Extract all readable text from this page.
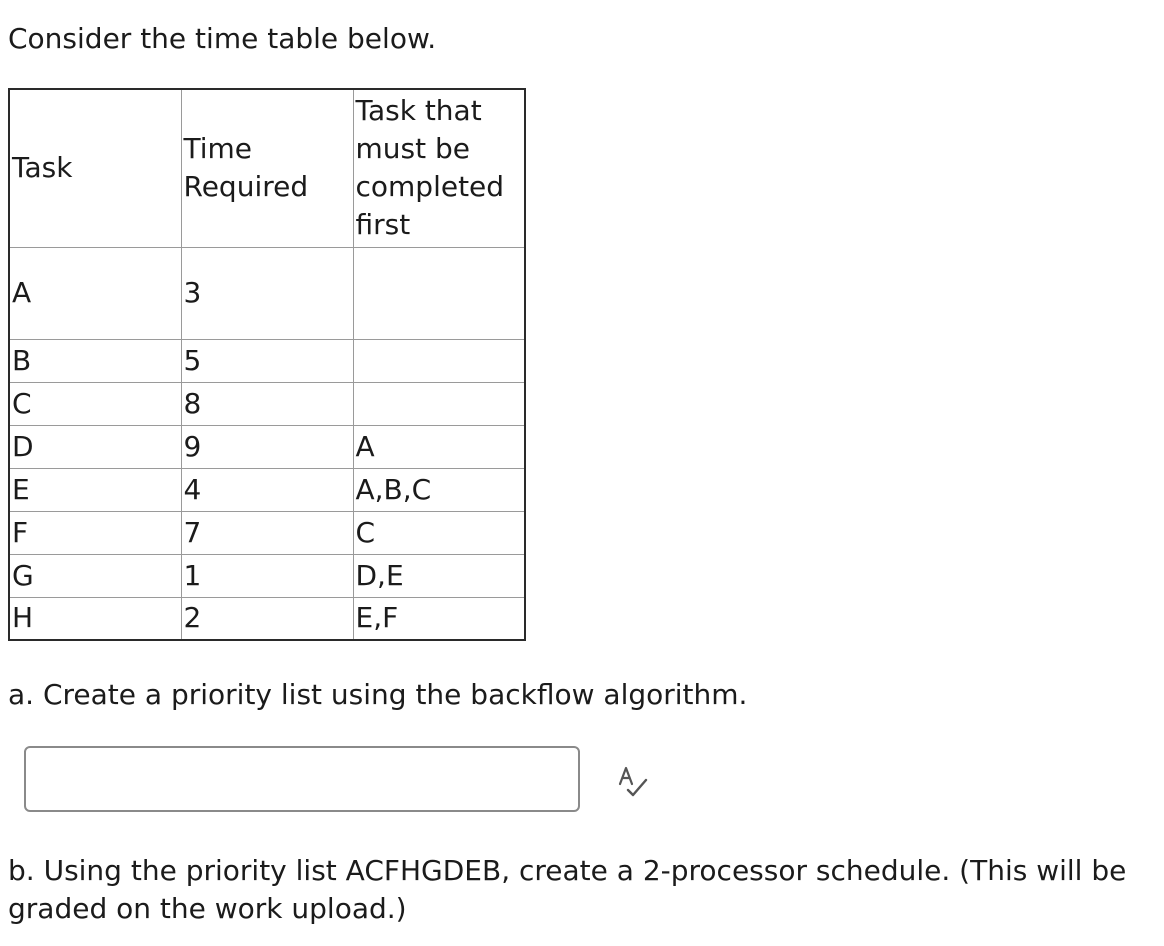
Consider the time table below.

Task	Time Required	Task that must be completed first
A	3	
B	5	
C	8	
D	9	A
E	4	A,B,C
F	7	C
G	1	D,E
H	2	E,F

a. Create a priority list using the backflow algorithm.

b. Using the priority list ACFHGDEB, create a 2-processor schedule. (This will be graded on the work upload.)
